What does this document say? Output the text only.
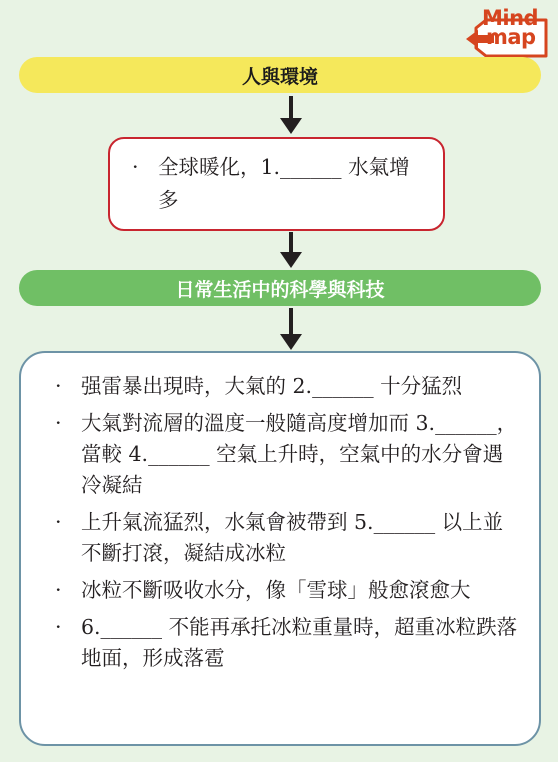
Mind
map
人與環境
· 全球暖化，1.______ 水氣增多
日常生活中的科學與科技
· 强雷暴出現時，大氣的 2.______ 十分猛烈
· 大氣對流層的溫度一般隨高度增加而 3.______，當較 4.______ 空氣上升時，空氣中的水分會遇冷凝結
· 上升氣流猛烈，水氣會被帶到 5.______ 以上並不斷打滾，凝結成冰粒
· 冰粒不斷吸收水分，像「雪球」般愈滾愈大
· 6.______ 不能再承托冰粒重量時，超重冰粒跌落地面，形成落雹
